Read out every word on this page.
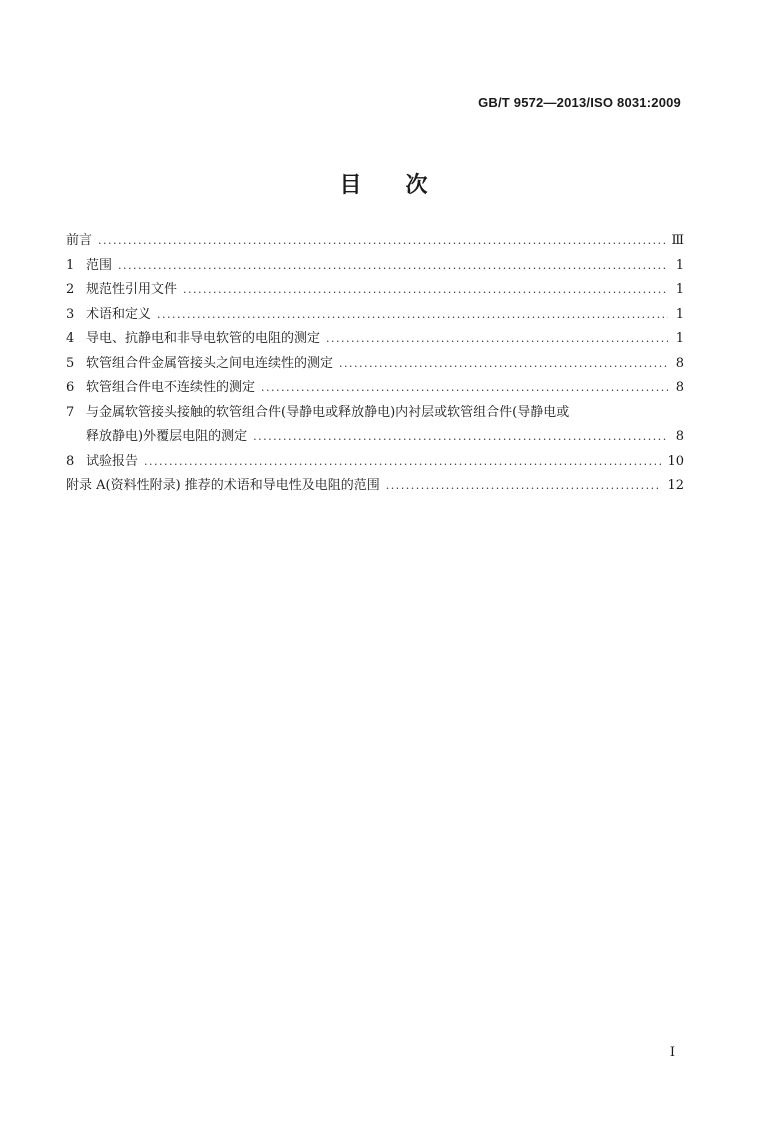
GB/T 9572—2013/ISO 8031:2009
目 次
前言 .....	Ⅲ
1 范围 .....	1
2 规范性引用文件 .....	1
3 术语和定义 .....	1
4 导电、抗静电和非导电软管的电阻的测定 .....	1
5 软管组合件金属管接头之间电连续性的测定 .....	8
6 软管组合件电不连续性的测定 .....	8
7 与金属软管接头接触的软管组合件(导静电或释放静电)内衬层或软管组合件(导静电或
释放静电)外覆层电阻的测定 .....	8
8 试验报告 .....	10
附录 A(资料性附录) 推荐的术语和导电性及电阻的范围 .....	12
I
